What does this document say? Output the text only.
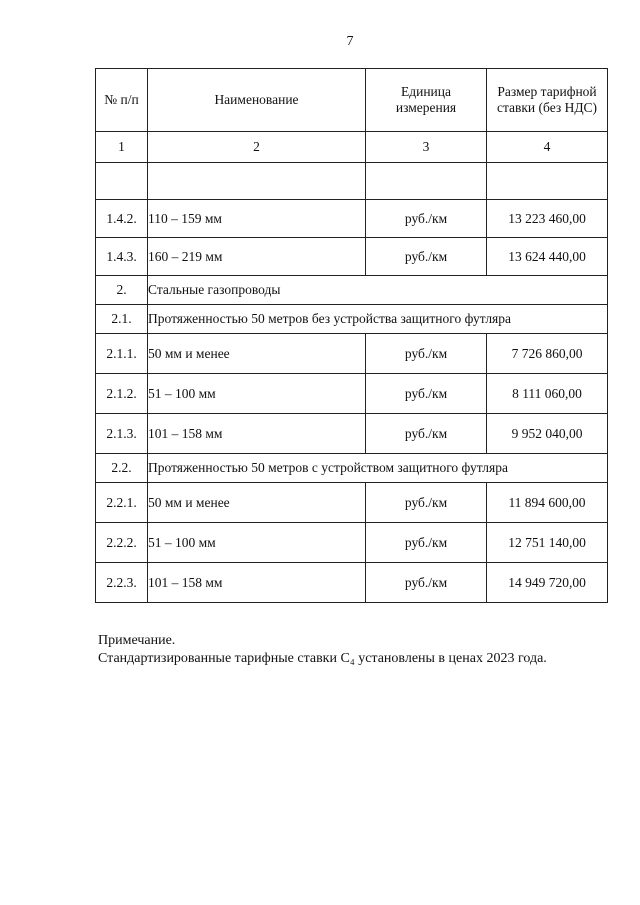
7
№ п/п	Наименование	Единица измерения	Размер тарифной ставки (без НДС)

1	2	3	4

1.4.2.	110 – 159 мм	руб./км	13 223 460,00
1.4.3.	160 – 219 мм	руб./км	13 624 440,00
2.	Стальные газопроводы		
2.1.	Протяженностью 50 метров без устройства защитного футляра		
2.1.1.	50 мм и менее	руб./км	7 726 860,00
2.1.2.	51 – 100 мм	руб./км	8 111 060,00
2.1.3.	101 – 158 мм	руб./км	9 952 040,00
2.2.	Протяженностью 50 метров с устройством защитного футляра		
2.2.1.	50 мм и менее	руб./км	11 894 600,00
2.2.2.	51 – 100 мм	руб./км	12 751 140,00
2.2.3.	101 – 158 мм	руб./км	14 949 720,00
Примечание.
Стандартизированные тарифные ставки С₄ установлены в ценах 2023 года.
